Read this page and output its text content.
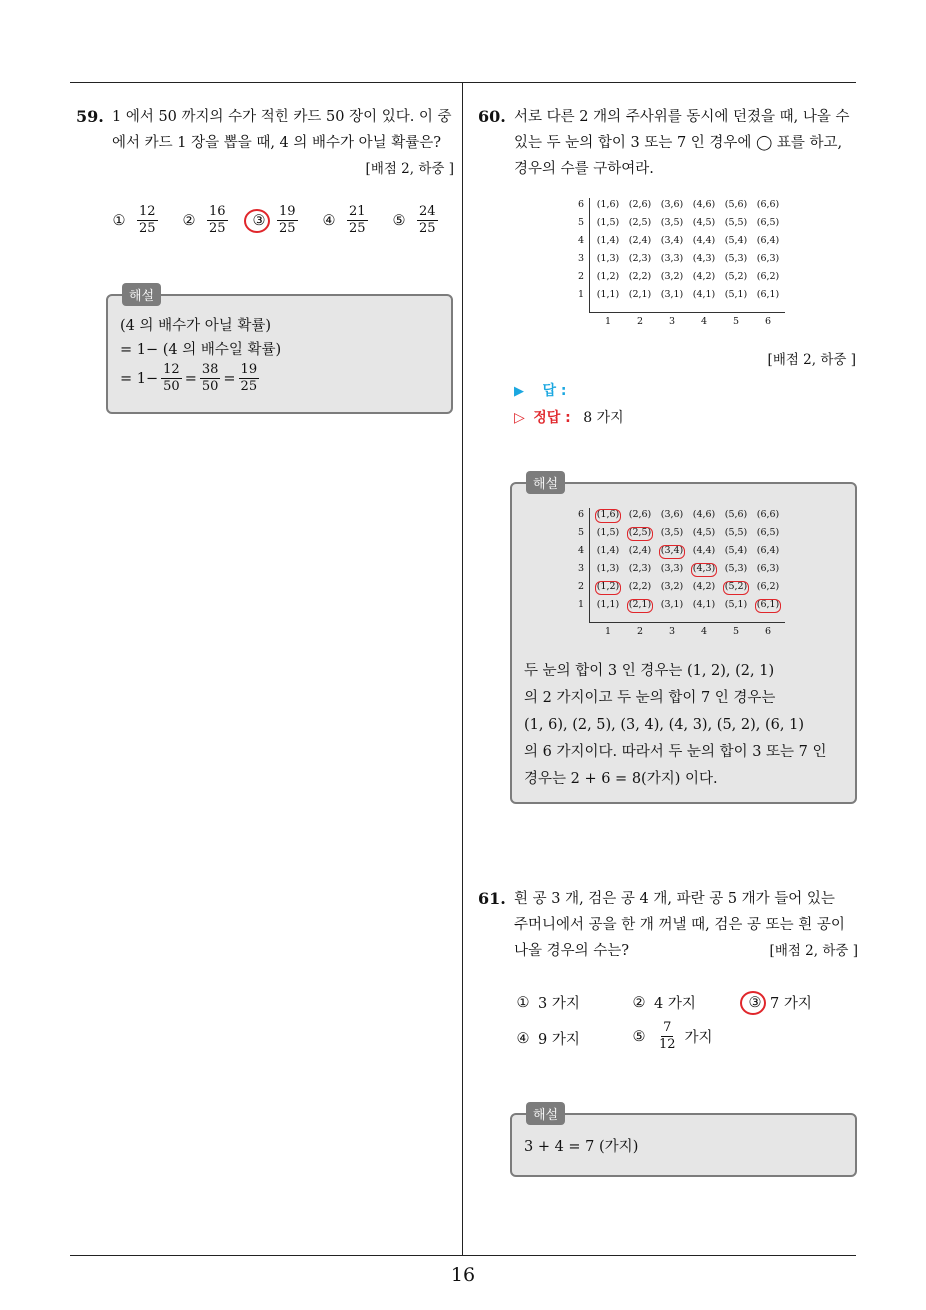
59. 1 에서 50 까지의 수가 적힌 카드 50 장이 있다. 이 중
에서 카드 1 장을 뽑을 때, 4 의 배수가 아닐 확률은?
[배점 2, 하중 ]
① $\frac{12}{25}$ ② $\frac{16}{25}$ ③ $\frac{19}{25}$ ④ $\frac{21}{25}$ ⑤ $\frac{24}{25}$
해설
(4 의 배수가 아닐 확률)
= 1− (4 의 배수일 확률)
= $1- \frac{12}{50} = \frac{38}{50} = \frac{19}{25}$
60. 서로 다른 2 개의 주사위를 동시에 던졌을 때, 나올 수
있는 두 눈의 합이 3 또는 7 인 경우에 ◯ 표를 하고,
경우의 수를 구하여라.
6	(1,6) (2,6) (3,6) (4,6) (5,6) (6,6)
5	(1,5) (2,5) (3,5) (4,5) (5,5) (6,5)
4	(1,4) (2,4) (3,4) (4,4) (5,4) (6,4)
3	(1,3) (2,3) (3,3) (4,3) (5,3) (6,3)
2	(1,2) (2,2) (3,2) (4,2) (5,2) (6,2)
1	(1,1) (2,1) (3,1) (4,1) (5,1) (6,1)
1	2	3	4	5	6
[배점 2, 하중 ]
▶ 답 :
▷ 정답 : 8 가지
해설
6	(1,6) (2,6) (3,6) (4,6) (5,6) (6,6)
5	(1,5) (2,5) (3,5) (4,5) (5,5) (6,5)
4	(1,4) (2,4) (3,4) (4,4) (5,4) (6,4)
3	(1,3) (2,3) (3,3) (4,3) (5,3) (6,3)
2	(1,2) (2,2) (3,2) (4,2) (5,2) (6,2)
1	(1,1) (2,1) (3,1) (4,1) (5,1) (6,1)
1	2	3	4	5	6
두 눈의 합이 3 인 경우는 (1, 2), (2, 1)
의 2 가지이고 두 눈의 합이 7 인 경우는
(1, 6), (2, 5), (3, 4), (4, 3), (5, 2), (6, 1)
의 6 가지이다. 따라서 두 눈의 합이 3 또는 7 인
경우는 2 + 6 = 8(가지) 이다.
61. 흰 공 3 개, 검은 공 4 개, 파란 공 5 개가 들어 있는
주머니에서 공을 한 개 꺼낼 때, 검은 공 또는 흰 공이
나올 경우의 수는?	[배점 2, 하중 ]
① 3 가지	② 4 가지	③ 7 가지
④ 9 가지	⑤ $\frac{7}{12}$ 가지
해설
3 + 4 = 7 (가지)
16
